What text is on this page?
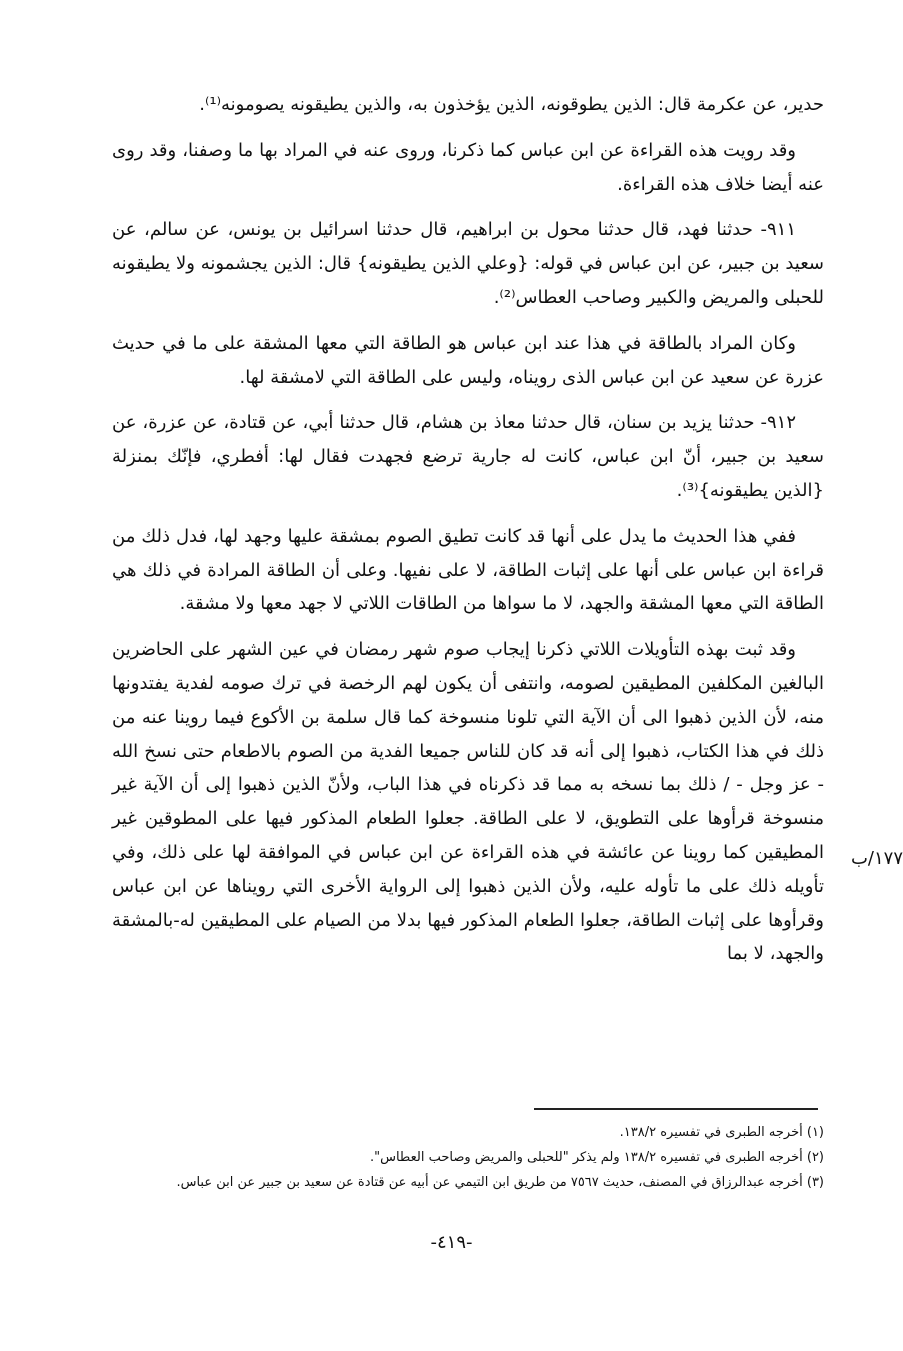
حدير، عن عكرمة قال: الذين يطوقونه، الذين يؤخذون به، والذين يطيقونه يصومونه⁽¹⁾.

وقد رويت هذه القراءة عن ابن عباس كما ذكرنا، وروى عنه في المراد بها ما وصفنا، وقد روى عنه أيضا خلاف هذه القراءة.

٩١١- حدثنا فهد، قال حدثنا محول بن ابراهيم، قال حدثنا اسرائيل بن يونس، عن سالم، عن سعيد بن جبير، عن ابن عباس في قوله: {وعلي الذين يطيقونه} قال: الذين يجشمونه ولا يطيقونه للحبلى والمريض والكبير وصاحب العطاس⁽²⁾.

وكان المراد بالطاقة في هذا عند ابن عباس هو الطاقة التي معها المشقة على ما في حديث عزرة عن سعيد عن ابن عباس الذى رويناه، وليس على الطاقة التي لامشقة لها.

٩١٢- حدثنا يزيد بن سنان، قال حدثنا معاذ بن هشام، قال حدثنا أبي، عن قتادة، عن عزرة، عن سعيد بن جبير، أنّ ابن عباس، كانت له جارية ترضع فجهدت فقال لها: أفطري، فإنّك بمنزلة {الذين يطيقونه}⁽³⁾.

ففي هذا الحديث ما يدل على أنها قد كانت تطيق الصوم بمشقة عليها وجهد لها، فدل ذلك من قراءة ابن عباس على أنها على إثبات الطاقة، لا على نفيها. وعلى أن الطاقة المرادة في ذلك هي الطاقة التي معها المشقة والجهد، لا ما سواها من الطاقات اللاتي لا جهد معها ولا مشقة.

وقد ثبت بهذه التأويلات اللاتي ذكرنا إيجاب صوم شهر رمضان في عين الشهر على الحاضرين البالغين المكلفين المطيقين لصومه، وانتفى أن يكون لهم الرخصة في ترك صومه لفدية يفتدونها منه، لأن الذين ذهبوا الى أن الآية التي تلونا منسوخة كما قال سلمة بن الأكوع فيما روينا عنه من ذلك في هذا الكتاب، ذهبوا إلى أنه قد كان للناس جميعا الفدية من الصوم بالاطعام حتى نسخ الله - عز وجل - / ذلك بما نسخه به مما قد ذكرناه في هذا الباب، ولأنّ الذين ذهبوا إلى أن الآية غير منسوخة قرأوها على التطويق، لا على الطاقة. جعلوا الطعام المذكور فيها على المطوقين غير المطيقين كما روينا عن عائشة في هذه القراءة عن ابن عباس في الموافقة لها على ذلك، وفي تأويله ذلك على ما تأوله عليه، ولأن الذين ذهبوا إلى الرواية الأخرى التي رويناها عن ابن عباس وقرأوها على إثبات الطاقة، جعلوا الطعام المذكور فيها بدلا من الصيام على المطيقين له-بالمشقة والجهد، لا بما

١٧٧/ب

(١) أخرجه الطبرى في تفسيره ١٣٨/٢.

(٢) أخرجه الطبرى في تفسيره ١٣٨/٢ ولم يذكر "للحبلى والمريض وصاحب العطاس".

(٣) أخرجه عبدالرزاق في المصنف، حديث ٧٥٦٧ من طريق ابن التيمي عن أبيه عن قتادة عن سعيد بن جبير عن ابن عباس.

-٤١٩-
